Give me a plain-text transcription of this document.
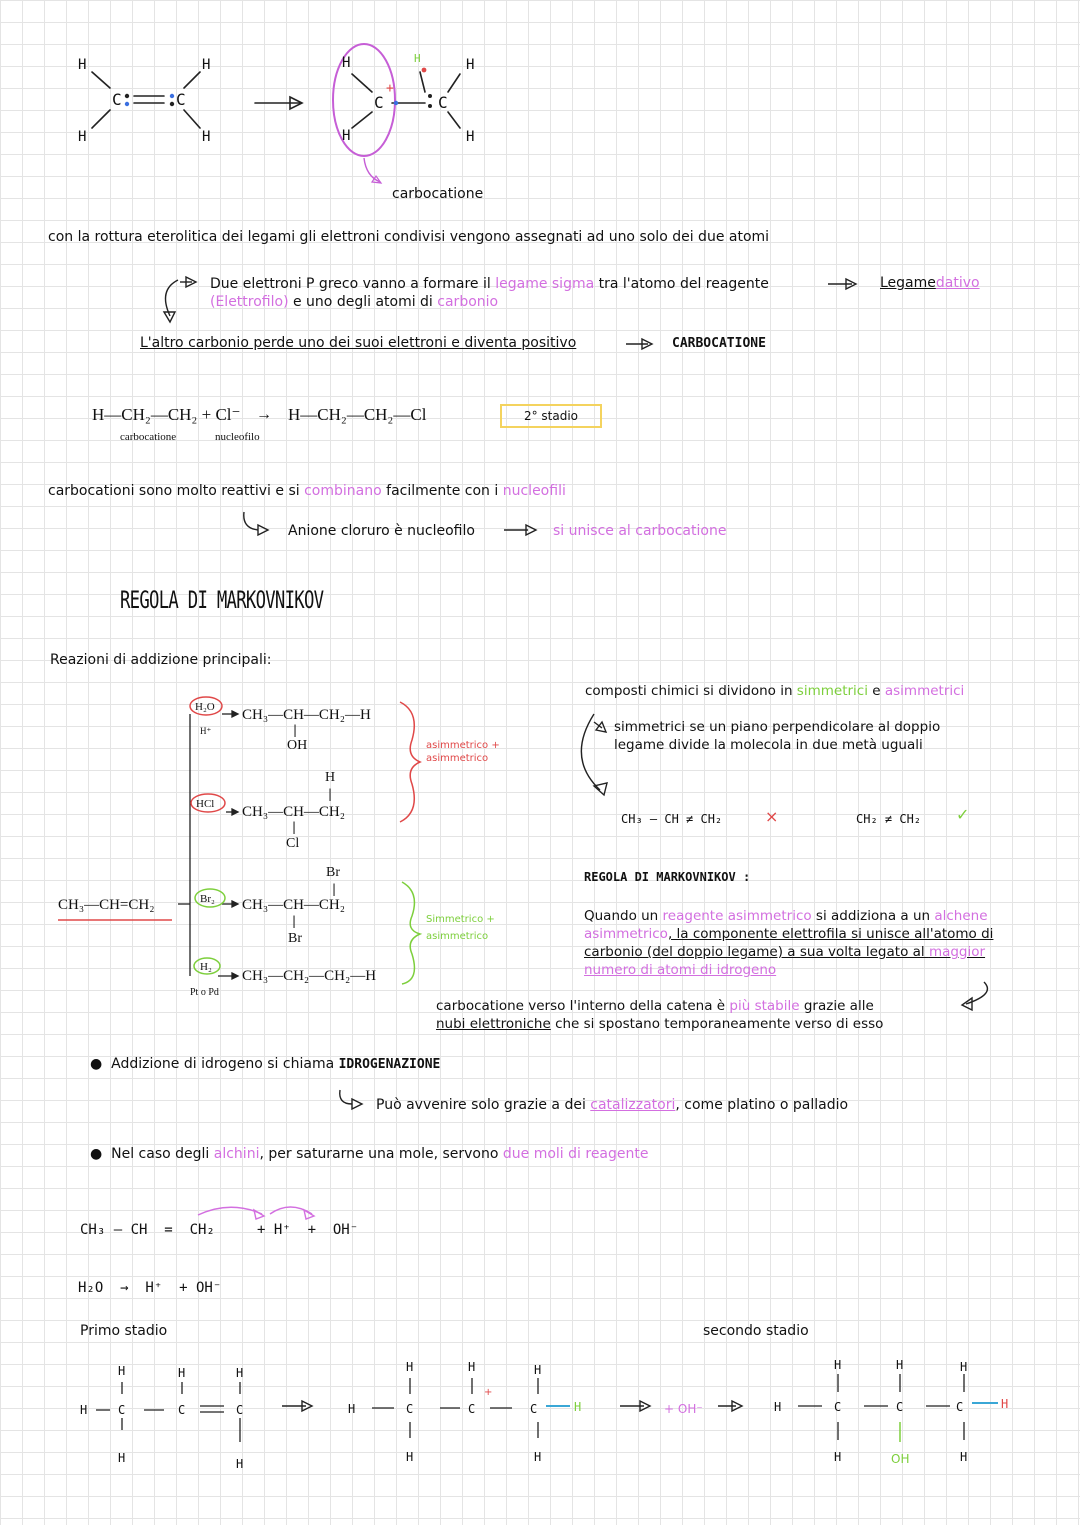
H
H
H
H
C	C
H
H
C
+
H
C
H
H
carbocatione
con la rottura eterolitica dei legami gli elettroni condivisi vengono assegnati ad uno solo dei due atomi
Due elettroni P greco vanno a formare il legame sigma tra l'atomo del reagente
(Elettrofilo) e uno degli atomi di carbonio
Legamedativo
L'altro carbonio perde uno dei suoi elettroni e diventa positivo	CARBOCATIONE
H—CH₂—CH₂ + Cl⁻ → H—CH₂—CH₂—Cl
carbocatione	nucleofilo
2° stadio
carbocationi sono molto reattivi e si combinano facilmente con i nucleofili
Anione cloruro è nucleofilo	si unisce al carbocatione
REGOLA DI MARKOVNIKOV
Reazioni di addizione principali:
CH₃—CH=CH₂
H₂O
H⁺
CH₃—CH—CH₂—H
OH
|
HCl
H
|
CH₃—CH—CH₂
|
Cl
Br₂
Br
|
CH₃—CH—CH₂
|
Br
H₂
Pt o Pd
CH₃—CH₂—CH₂—H
asimmetrico +
asimmetrico
Simmetrico +
asimmetrico
composti chimici si dividono in simmetrici e asimmetrici
simmetrici se un piano perpendicolare al doppio
legame divide la molecola in due metà uguali
CH₃ — CH ≠ CH₂	×	CH₂ ≠ CH₂ ✓
REGOLA DI MARKOVNIKOV :
Quando un reagente asimmetrico si addiziona a un alchene
asimmetrico, la componente elettrofila si unisce all'atomo di
carbonio (del doppio legame) a sua volta legato al maggior
numero di atomi di idrogeno
carbocatione verso l'interno della catena è più stabile grazie alle
nubi elettroniche che si spostano temporaneamente verso di esso
●  Addizione di idrogeno si chiama IDROGENAZIONE
Può avvenire solo grazie a dei catalizzatori, come platino o palladio
●  Nel caso degli alchini, per saturarne una mole, servono due moli di reagente
CH₃ — CH  =  CH₂     + H⁺  +  OH⁻
H₂O  →  H⁺  + OH⁻
Primo stadio	secondo stadio
H	H	H
H	C	C	C
H	H
H
H
C
H
H
C
+
H
C	H
H
+ OH⁻	H
H
C
H
H
C
OH
H
C	H
H
